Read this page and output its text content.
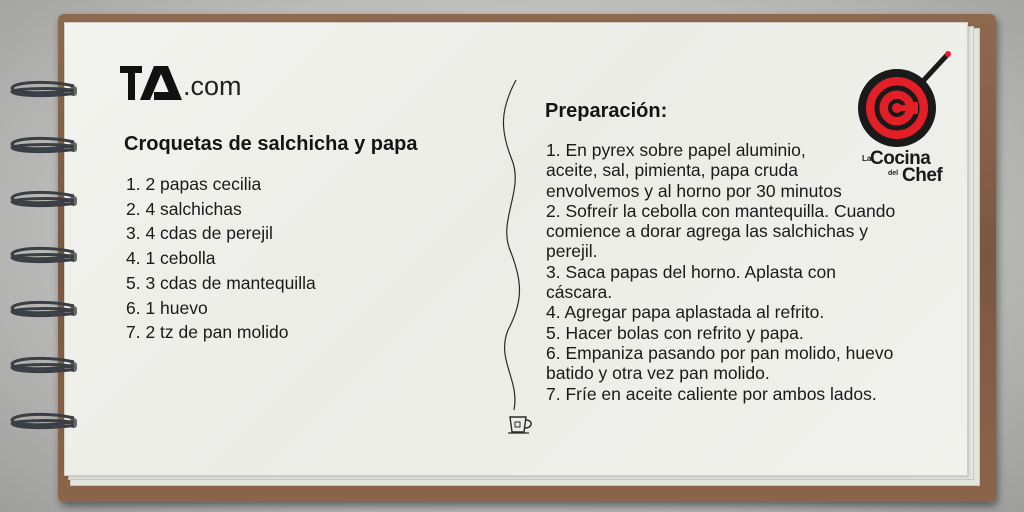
.com
Croquetas de salchicha y papa
1. 2 papas cecilia
2. 4 salchichas
3. 4 cdas de perejil
4. 1 cebolla
5. 3 cdas de mantequilla
6. 1 huevo
7. 2 tz de pan molido
Preparación:
1. En pyrex sobre papel aluminio, aceite, sal, pimienta, papa cruda envolvemos y al horno por 30 minutos
2. Sofreír la cebolla con mantequilla. Cuando comience a dorar agrega las salchichas y perejil.
3. Saca papas del horno. Aplasta con cáscara.
4. Agregar papa aplastada al refrito.
5. Hacer bolas con refrito y papa.
6. Empaniza pasando por pan molido, huevo batido y otra vez pan molido.
7. Fríe en aceite caliente por ambos lados.
La
Cocina
del Chef
